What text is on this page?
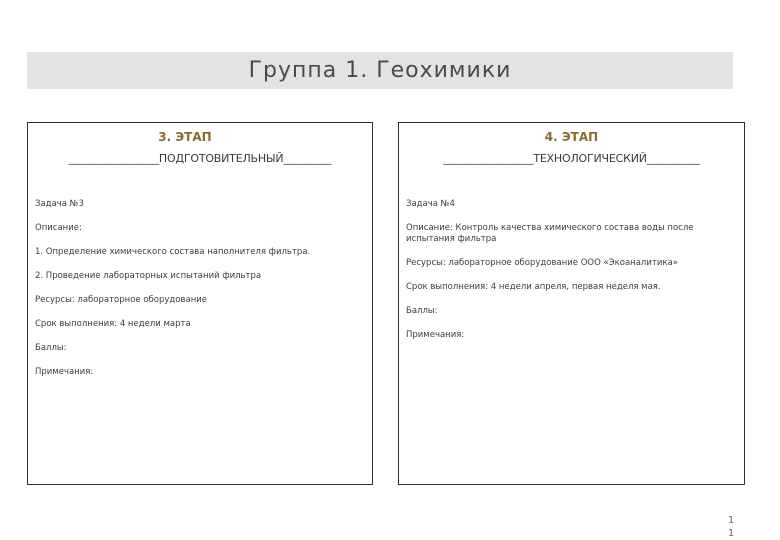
Группа 1. Геохимики
3. ЭТАП
_________________ПОДГОТОВИТЕЛЬНЫЙ_________
Задача №3
Описание:
1. Определение химического состава наполнителя фильтра.
2. Проведение лабораторных испытаний фильтра
Ресурсы: лабораторное оборудование
Срок выполнения: 4 недели марта
Баллы:
Примечания:
4. ЭТАП
_________________ТЕХНОЛОГИЧЕСКИЙ__________
Задача №4
Описание: Контроль качества химического состава воды после испытания фильтра
Ресурсы: лабораторное оборудование ООО «Экоаналитика»
Срок выполнения: 4 недели апреля, первая неделя мая.
Баллы:
Примечания:
11
